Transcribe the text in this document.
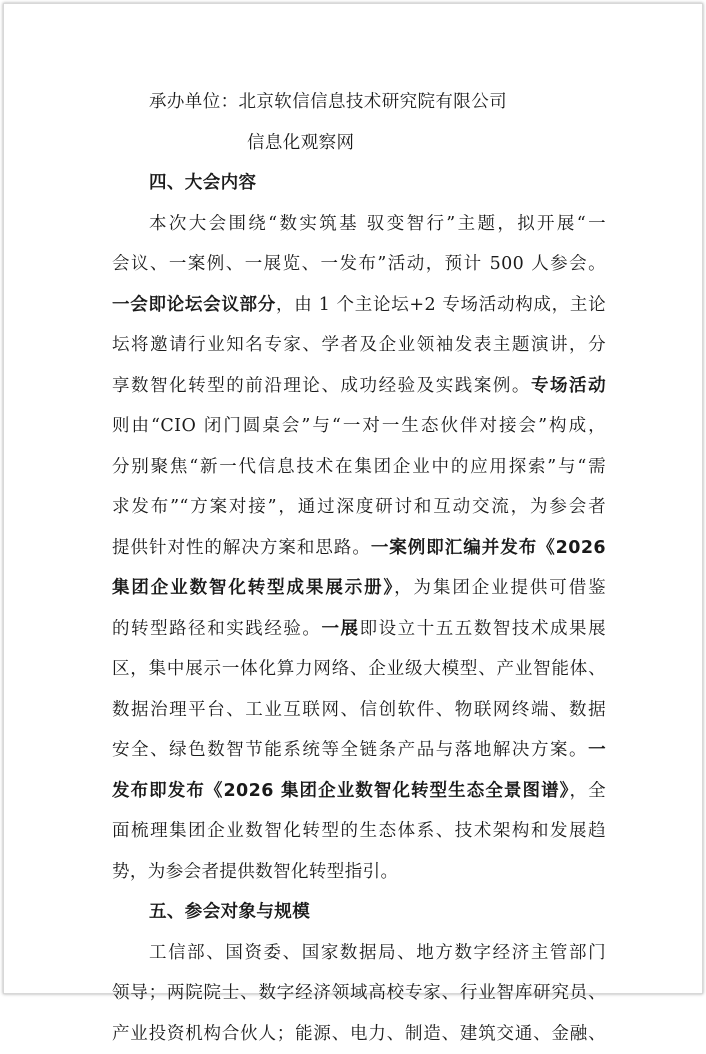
承办单位：北京软信信息技术研究院有限公司
信息化观察网
四、大会内容
本次大会围绕“数实筑基 驭变智行”主题，拟开展“一
会议、一案例、一展览、一发布”活动，预计 500 人参会。
一会即论坛会议部分，由 1 个主论坛+2 专场活动构成，主论
坛将邀请行业知名专家、学者及企业领袖发表主题演讲，分
享数智化转型的前沿理论、成功经验及实践案例。专场活动
则由“CIO 闭门圆桌会”与“一对一生态伙伴对接会”构成，
分别聚焦“新一代信息技术在集团企业中的应用探索”与“需
求发布”“方案对接”，通过深度研讨和互动交流，为参会者
提供针对性的解决方案和思路。一案例即汇编并发布《2026
集团企业数智化转型成果展示册》，为集团企业提供可借鉴
的转型路径和实践经验。一展即设立十五五数智技术成果展
区，集中展示一体化算力网络、企业级大模型、产业智能体、
数据治理平台、工业互联网、信创软件、物联网终端、数据
安全、绿色数智节能系统等全链条产品与落地解决方案。一
发布即发布《2026 集团企业数智化转型生态全景图谱》，全
面梳理集团企业数智化转型的生态体系、技术架构和发展趋
势，为参会者提供数智化转型指引。
五、参会对象与规模
工信部、国资委、国家数据局、地方数字经济主管部门
领导；两院院士、数字经济领域高校专家、行业智库研究员、
产业投资机构合伙人；能源、电力、制造、建筑交通、金融、
